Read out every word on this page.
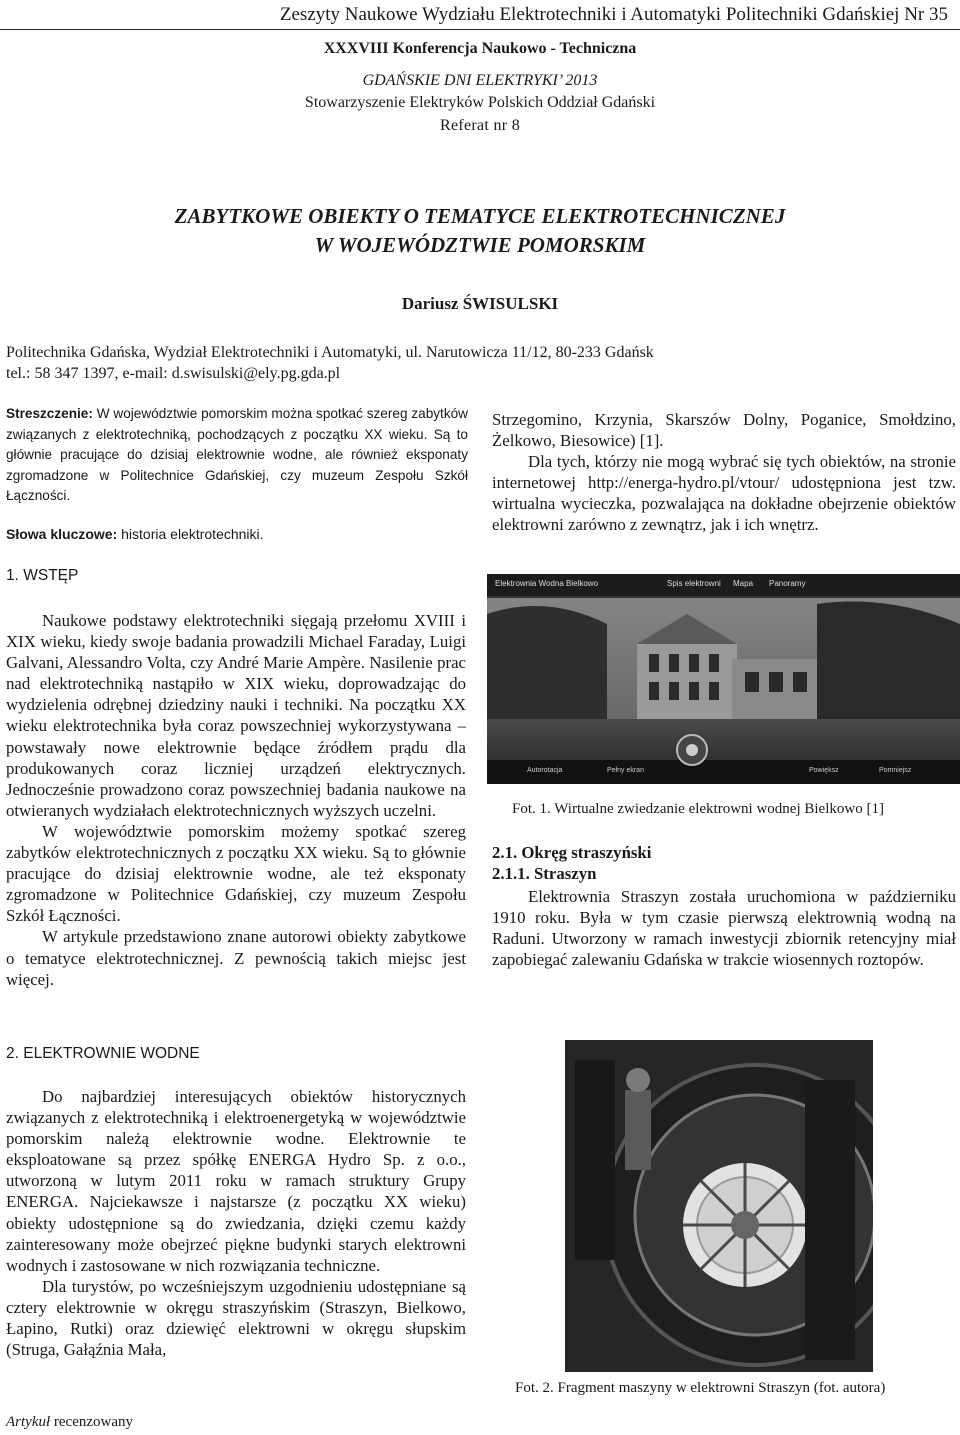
Zeszyty Naukowe Wydziału Elektrotechniki i Automatyki Politechniki Gdańskiej Nr 35
XXXVIII Konferencja Naukowo - Techniczna
GDAŃSKIE DNI ELEKTRYKI’ 2013
Stowarzyszenie Elektryków Polskich Oddział Gdański
Referat nr 8
ZABYTKOWE OBIEKTY O TEMATYCE ELEKTROTECHNICZNEJ
W WOJEWÓDZTWIE POMORSKIM
Dariusz ŚWISULSKI
Politechnika Gdańska, Wydział Elektrotechniki i Automatyki, ul. Narutowicza 11/12, 80-233 Gdańsk
tel.: 58 347 1397, e-mail: d.swisulski@ely.pg.gda.pl
Streszczenie: W województwie pomorskim można spotkać szereg zabytków związanych z elektrotechniką, pochodzących z początku XX wieku. Są to głównie pracujące do dzisiaj elektrownie wodne, ale również eksponaty zgromadzone w Politechnice Gdańskiej, czy muzeum Zespołu Szkół Łączności.
Słowa kluczowe: historia elektrotechniki.
1. WSTĘP

Naukowe podstawy elektrotechniki sięgają przełomu XVIII i XIX wieku, kiedy swoje badania prowadzili Michael Faraday, Luigi Galvani, Alessandro Volta, czy André Marie Ampère. Nasilenie prac nad elektrotechniką nastąpiło w XIX wieku, doprowadzając do wydzielenia odrębnej dziedziny nauki i techniki. Na początku XX wieku elektrotechnika była coraz powszechniej wykorzystywana – powstawały nowe elektrownie będące źródłem prądu dla produkowanych coraz liczniej urządzeń elektrycznych. Jednocześnie prowadzono coraz powszechniej badania naukowe na otwieranych wydziałach elektrotechnicznych wyższych uczelni.

W województwie pomorskim możemy spotkać szereg zabytków elektrotechnicznych z początku XX wieku. Są to głównie pracujące do dzisiaj elektrownie wodne, ale też eksponaty zgromadzone w Politechnice Gdańskiej, czy muzeum Zespołu Szkół Łączności.

W artykule przedstawiono znane autorowi obiekty zabytkowe o tematyce elektrotechnicznej. Z pewnością takich miejsc jest więcej.

2. ELEKTROWNIE WODNE

Do najbardziej interesujących obiektów historycznych związanych z elektrotechniką i elektroenergetyką w województwie pomorskim należą elektrownie wodne. Elektrownie te eksploatowane są przez spółkę ENERGA Hydro Sp. z o.o., utworzoną w lutym 2011 roku w ramach struktury Grupy ENERGA. Najciekawsze i najstarsze (z początku XX wieku) obiekty udostępnione są do zwiedzania, dzięki czemu każdy zainteresowany może obejrzeć piękne budynki starych elektrowni wodnych i zastosowane w nich rozwiązania techniczne.

Dla turystów, po wcześniejszym uzgodnieniu udostępniane są cztery elektrownie w okręgu straszyńskim (Straszyn, Bielkowo, Łapino, Rutki) oraz dziewięć elektrowni w okręgu słupskim (Struga, Gałąźnia Mała,

Strzegomino, Krzynia, Skarszów Dolny, Poganice, Smołdzino, Żelkowo, Biesowice) [1].

Dla tych, którzy nie mogą wybrać się tych obiektów, na stronie internetowej http://energa-hydro.pl/vtour/ udostępniona jest tzw. wirtualna wycieczka, pozwalająca na dokładne obejrzenie obiektów elektrowni zarówno z zewnątrz, jak i ich wnętrz.

Elektrownia Wodna Bielkowo	Spis elektrowni Mapa Panoramy
Autorotacja	Pełny ekran	Powiększ	Pomniejsz
Fot. 1. Wirtualne zwiedzanie elektrowni wodnej Bielkowo [1]
2.1. Okręg straszyński
2.1.1. Straszyn

Elektrownia Straszyn została uruchomiona w październiku 1910 roku. Była w tym czasie pierwszą elektrownią wodną na Raduni. Utworzony w ramach inwestycji zbiornik retencyjny miał zapobiegać zalewaniu Gdańska w trakcie wiosennych roztopów.

Fot. 2. Fragment maszyny w elektrowni Straszyn (fot. autora)
Artykuł recenzowany
